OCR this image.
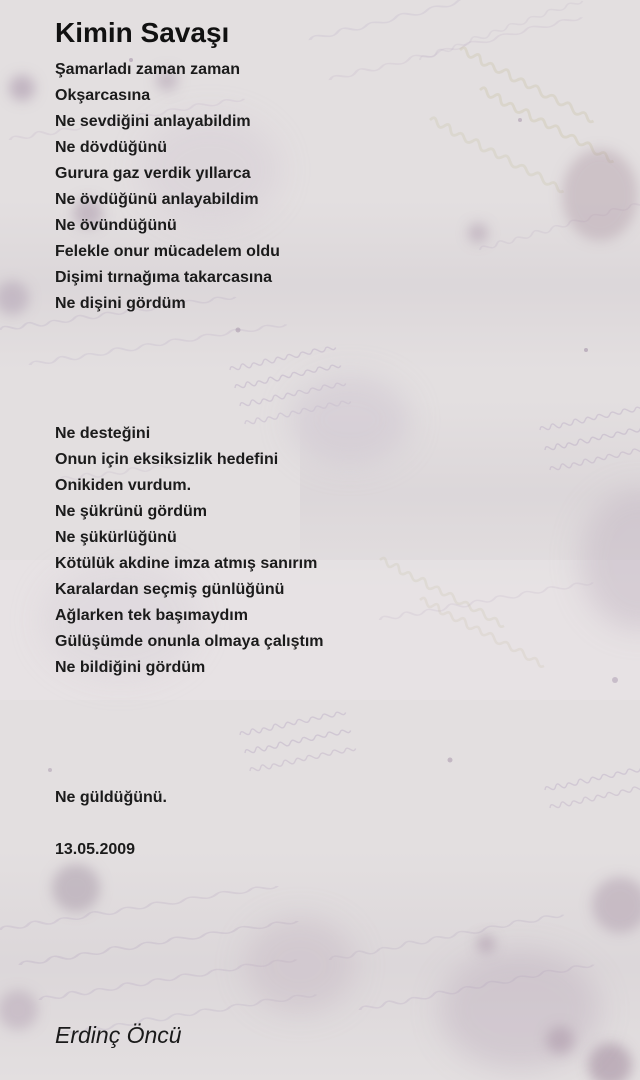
Kimin Savaşı
Şamarladı zaman zaman
Okşarcasına
Ne sevdiğini anlayabildim
Ne dövdüğünü
Gurura gaz verdik yıllarca
Ne övdüğünü anlayabildim
Ne övündüğünü
Felekle onur mücadelem oldu
Dişimi tırnağıma takarcasına
Ne dişini gördüm
Ne desteğini
Onun için eksiksizlik hedefini
Onikiden vurdum.
Ne şükrünü gördüm
Ne şükürlüğünü
Kötülük akdine imza atmış sanırım
Karalardan seçmiş günlüğünü
Ağlarken tek başımaydım
Gülüşümde onunla olmaya çalıştım
Ne bildiğini gördüm
Ne güldüğünü.
13.05.2009
Erdinç Öncü
